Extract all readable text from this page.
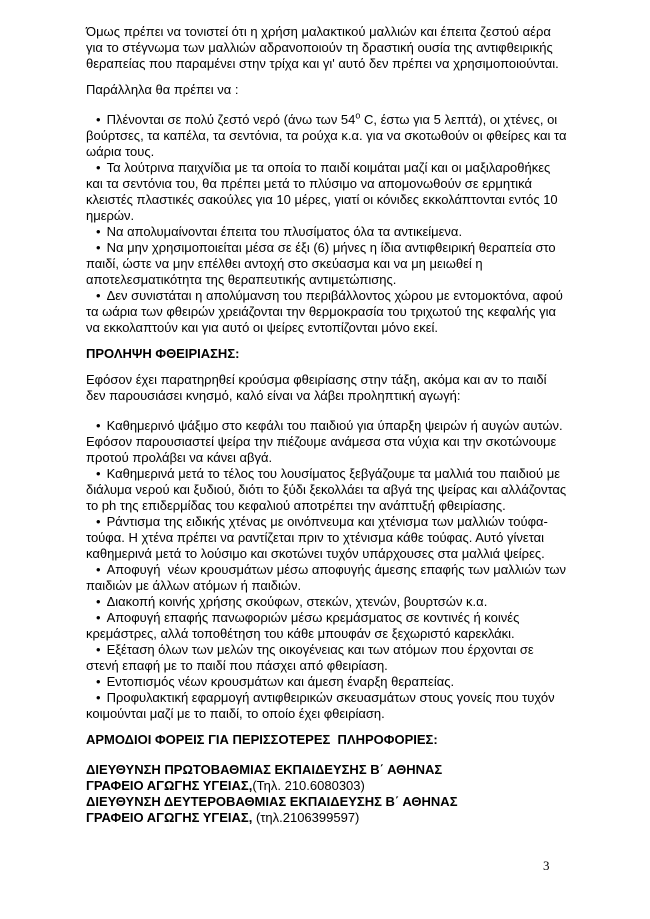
Όμως πρέπει να τονιστεί ότι η χρήση μαλακτικού μαλλιών και έπειτα ζεστού αέρα για το στέγνωμα των μαλλιών αδρανοποιούν τη δραστική ουσία της αντιφθειρικής θεραπείας που παραμένει στην τρίχα και γι' αυτό δεν πρέπει να χρησιμοποιούνται.

Παράλληλα θα πρέπει να :

• Πλένονται σε πολύ ζεστό νερό (άνω των $54^o$ C, έστω για 5 λεπτά), οι χτένες, οι βούρτσες, τα καπέλα, τα σεντόνια, τα ρούχα κ.α. για να σκοτωθούν οι φθείρες και τα ωάρια τους.

• Τα λούτρινα παιχνίδια με τα οποία το παιδί κοιμάται μαζί και οι μαξιλαροθήκες και τα σεντόνια του, θα πρέπει μετά το πλύσιμο να απομονωθούν σε ερμητικά κλειστές πλαστικές σακούλες για 10 μέρες, γιατί οι κόνιδες εκκολάπτονται εντός 10 ημερών.

• Να απολυμαίνονται έπειτα του πλυσίματος όλα τα αντικείμενα.

• Να μην χρησιμοποιείται μέσα σε έξι (6) μήνες η ίδια αντιφθειρική θεραπεία στο παιδί, ώστε να μην επέλθει αντοχή στο σκεύασμα και να μη μειωθεί η αποτελεσματικότητα της θεραπευτικής αντιμετώπισης.

• Δεν συνιστάται η απολύμανση του περιβάλλοντος χώρου με εντομοκτόνα, αφού τα ωάρια των φθειρών χρειάζονται την θερμοκρασία του τριχωτού της κεφαλής για να εκκολαπτούν και για αυτό οι ψείρες εντοπίζονται μόνο εκεί.

ΠΡΟΛΗΨΗ ΦΘΕΙΡΙΑΣΗΣ:

Εφόσον έχει παρατηρηθεί κρούσμα φθειρίασης στην τάξη, ακόμα και αν το παιδί δεν παρουσιάσει κνησμό, καλό είναι να λάβει προληπτική αγωγή:

• Καθημερινό ψάξιμο στο κεφάλι του παιδιού για ύπαρξη ψειρών ή αυγών αυτών. Εφόσον παρουσιαστεί ψείρα την πιέζουμε ανάμεσα στα νύχια και την σκοτώνουμε προτού προλάβει να κάνει αβγά.

• Καθημερινά μετά το τέλος του λουσίματος ξεβγάζουμε τα μαλλιά του παιδιού με διάλυμα νερού και ξυδιού, διότι το ξύδι ξεκολλάει τα αβγά της ψείρας και αλλάζοντας το ph της επιδερμίδας του κεφαλιού αποτρέπει την ανάπτυξή φθειρίασης.

• Ράντισμα της ειδικής χτένας με οινόπνευμα και χτένισμα των μαλλιών τούφα-τούφα. Η χτένα πρέπει να ραντίζεται πριν το χτένισμα κάθε τούφας. Αυτό γίνεται καθημερινά μετά το λούσιμο και σκοτώνει τυχόν υπάρχουσες στα μαλλιά ψείρες.

• Αποφυγή  νέων κρουσμάτων μέσω αποφυγής άμεσης επαφής των μαλλιών των παιδιών με άλλων ατόμων ή παιδιών.

• Διακοπή κοινής χρήσης σκούφων, στεκών, χτενών, βουρτσών κ.α.

• Αποφυγή επαφής πανωφοριών μέσω κρεμάσματος σε κοντινές ή κοινές κρεμάστρες, αλλά τοποθέτηση του κάθε μπουφάν σε ξεχωριστό καρεκλάκι.

• Εξέταση όλων των μελών της οικογένειας και των ατόμων που έρχονται σε στενή επαφή με το παιδί που πάσχει από φθειρίαση.

• Εντοπισμός νέων κρουσμάτων και άμεση έναρξη θεραπείας.

• Προφυλακτική εφαρμογή αντιφθειρικών σκευασμάτων στους γονείς που τυχόν κοιμούνται μαζί με το παιδί, το οποίο έχει φθειρίαση.

ΑΡΜΟΔΙΟΙ ΦΟΡΕΙΣ ΓΙΑ ΠΕΡΙΣΣΟΤΕΡΕΣ  ΠΛΗΡΟΦΟΡΙΕΣ:

ΔΙΕΥΘΥΝΣΗ ΠΡΩΤΟΒΑΘΜΙΑΣ ΕΚΠΑΙΔΕΥΣΗΣ Β΄ ΑΘΗΝΑΣ

ΓΡΑΦΕΙΟ ΑΓΩΓΗΣ ΥΓΕΙΑΣ,(Τηλ. 210.6080303)

ΔΙΕΥΘΥΝΣΗ ΔΕΥΤΕΡΟΒΑΘΜΙΑΣ ΕΚΠΑΙΔΕΥΣΗΣ Β΄ ΑΘΗΝΑΣ

ΓΡΑΦΕΙΟ ΑΓΩΓΗΣ ΥΓΕΙΑΣ, (τηλ.2106399597)

3
